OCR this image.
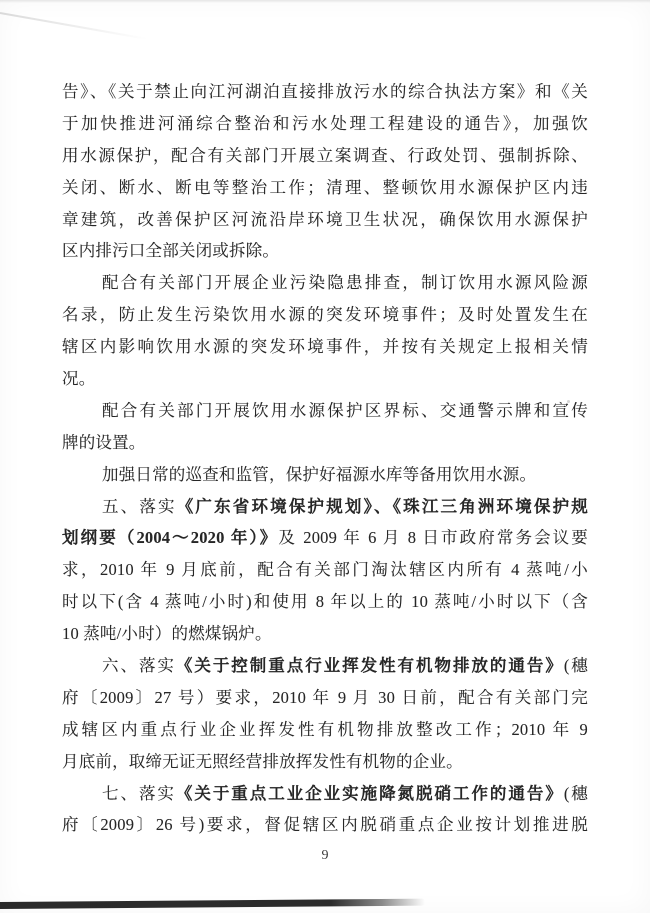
告》、《关于禁止向江河湖泊直接排放污水的综合执法方案》和《关
于加快推进河涌综合整治和污水处理工程建设的通告》，加强饮
用水源保护，配合有关部门开展立案调查、行政处罚、强制拆除、
关闭、断水、断电等整治工作；清理、整顿饮用水源保护区内违
章建筑，改善保护区河流沿岸环境卫生状况，确保饮用水源保护
区内排污口全部关闭或拆除。
配合有关部门开展企业污染隐患排查，制订饮用水源风险源
名录，防止发生污染饮用水源的突发环境事件；及时处置发生在
辖区内影响饮用水源的突发环境事件，并按有关规定上报相关情
况。
配合有关部门开展饮用水源保护区界标、交通警示牌和宣传
牌的设置。
加强日常的巡查和监管，保护好福源水库等备用饮用水源。
五、落实《广东省环境保护规划》、《珠江三角洲环境保护规
划纲要（2004～2020 年）》及 2009 年 6 月 8 日市政府常务会议要
求，2010 年 9 月底前，配合有关部门淘汰辖区内所有 4 蒸吨/小
时以下(含 4 蒸吨/小时)和使用 8 年以上的 10 蒸吨/小时以下（含
10 蒸吨/小时）的燃煤锅炉。
六、落实《关于控制重点行业挥发性有机物排放的通告》(穗
府〔2009〕27 号）要求，2010 年 9 月 30 日前，配合有关部门完
成辖区内重点行业企业挥发性有机物排放整改工作；2010 年 9
月底前，取缔无证无照经营排放挥发性有机物的企业。
七、落实《关于重点工业企业实施降氮脱硝工作的通告》(穗
府〔2009〕26 号)要求，督促辖区内脱硝重点企业按计划推进脱
9
